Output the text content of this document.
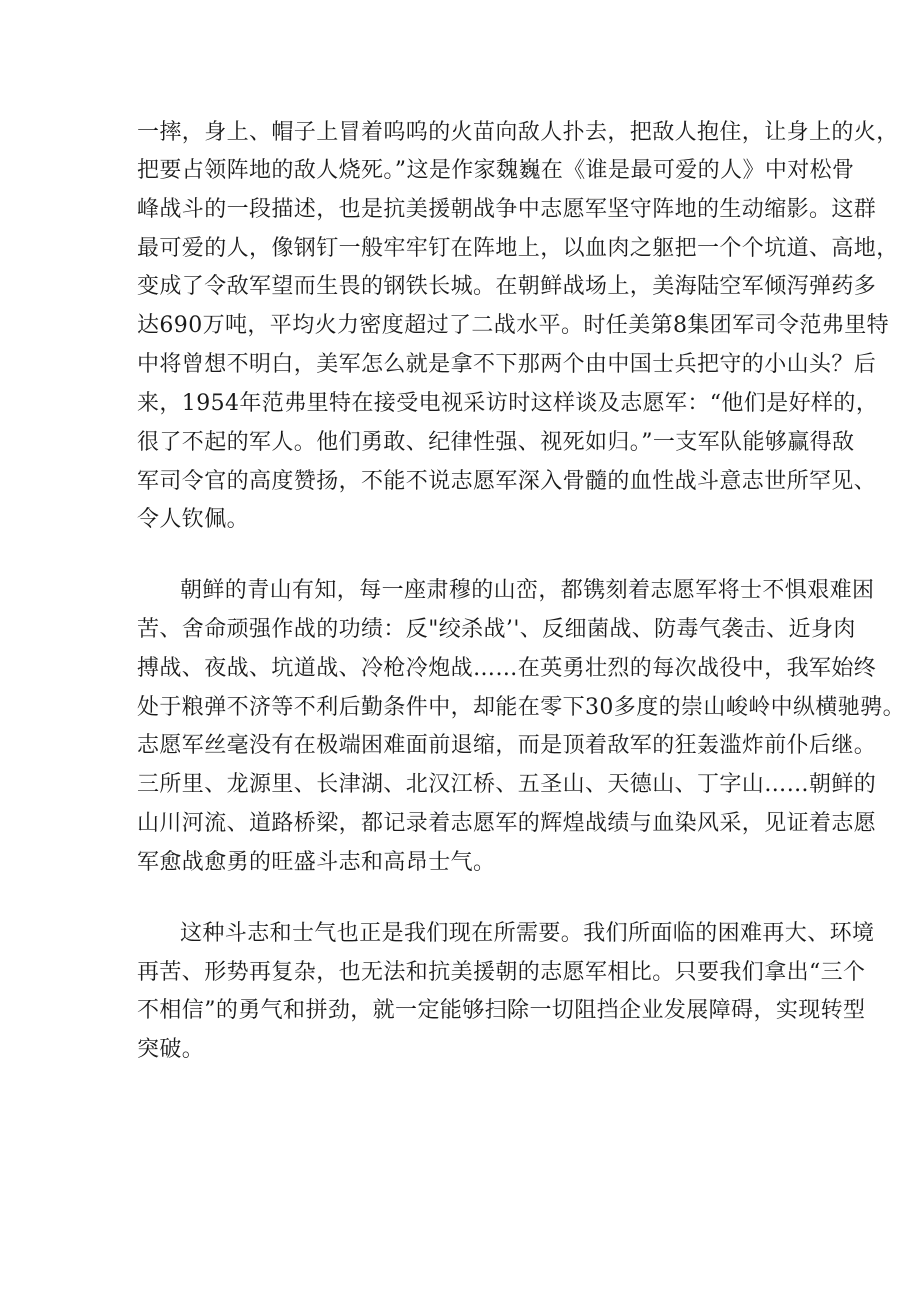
一摔，身上、帽子上冒着呜呜的火苗向敌人扑去，把敌人抱住，让身上的火，
把要占领阵地的敌人烧死。”这是作家魏巍在《谁是最可爱的人》中对松骨
峰战斗的一段描述，也是抗美援朝战争中志愿军坚守阵地的生动缩影。这群
最可爱的人，像钢钉一般牢牢钉在阵地上，以血肉之躯把一个个坑道、高地，
变成了令敌军望而生畏的钢铁长城。在朝鲜战场上，美海陆空军倾泻弹药多
达690万吨，平均火力密度超过了二战水平。时任美第8集团军司令范弗里特
中将曾想不明白，美军怎么就是拿不下那两个由中国士兵把守的小山头？后
来，1954年范弗里特在接受电视采访时这样谈及志愿军：“他们是好样的，
很了不起的军人。他们勇敢、纪律性强、视死如归。”一支军队能够赢得敌
军司令官的高度赞扬，不能不说志愿军深入骨髓的血性战斗意志世所罕见、
令人钦佩。
朝鲜的青山有知，每一座肃穆的山峦，都镌刻着志愿军将士不惧艰难困
苦、舍命顽强作战的功绩：反"绞杀战’'、反细菌战、防毒气袭击、近身肉
搏战、夜战、坑道战、冷枪冷炮战……在英勇壮烈的每次战役中，我军始终
处于粮弹不济等不利后勤条件中，却能在零下30多度的崇山峻岭中纵横驰骋。
志愿军丝毫没有在极端困难面前退缩，而是顶着敌军的狂轰滥炸前仆后继。
三所里、龙源里、长津湖、北汉江桥、五圣山、天德山、丁字山……朝鲜的
山川河流、道路桥梁，都记录着志愿军的辉煌战绩与血染风采，见证着志愿
军愈战愈勇的旺盛斗志和高昂士气。
这种斗志和士气也正是我们现在所需要。我们所面临的困难再大、环境
再苦、形势再复杂，也无法和抗美援朝的志愿军相比。只要我们拿出“三个
不相信”的勇气和拼劲，就一定能够扫除一切阻挡企业发展障碍，实现转型
突破。
